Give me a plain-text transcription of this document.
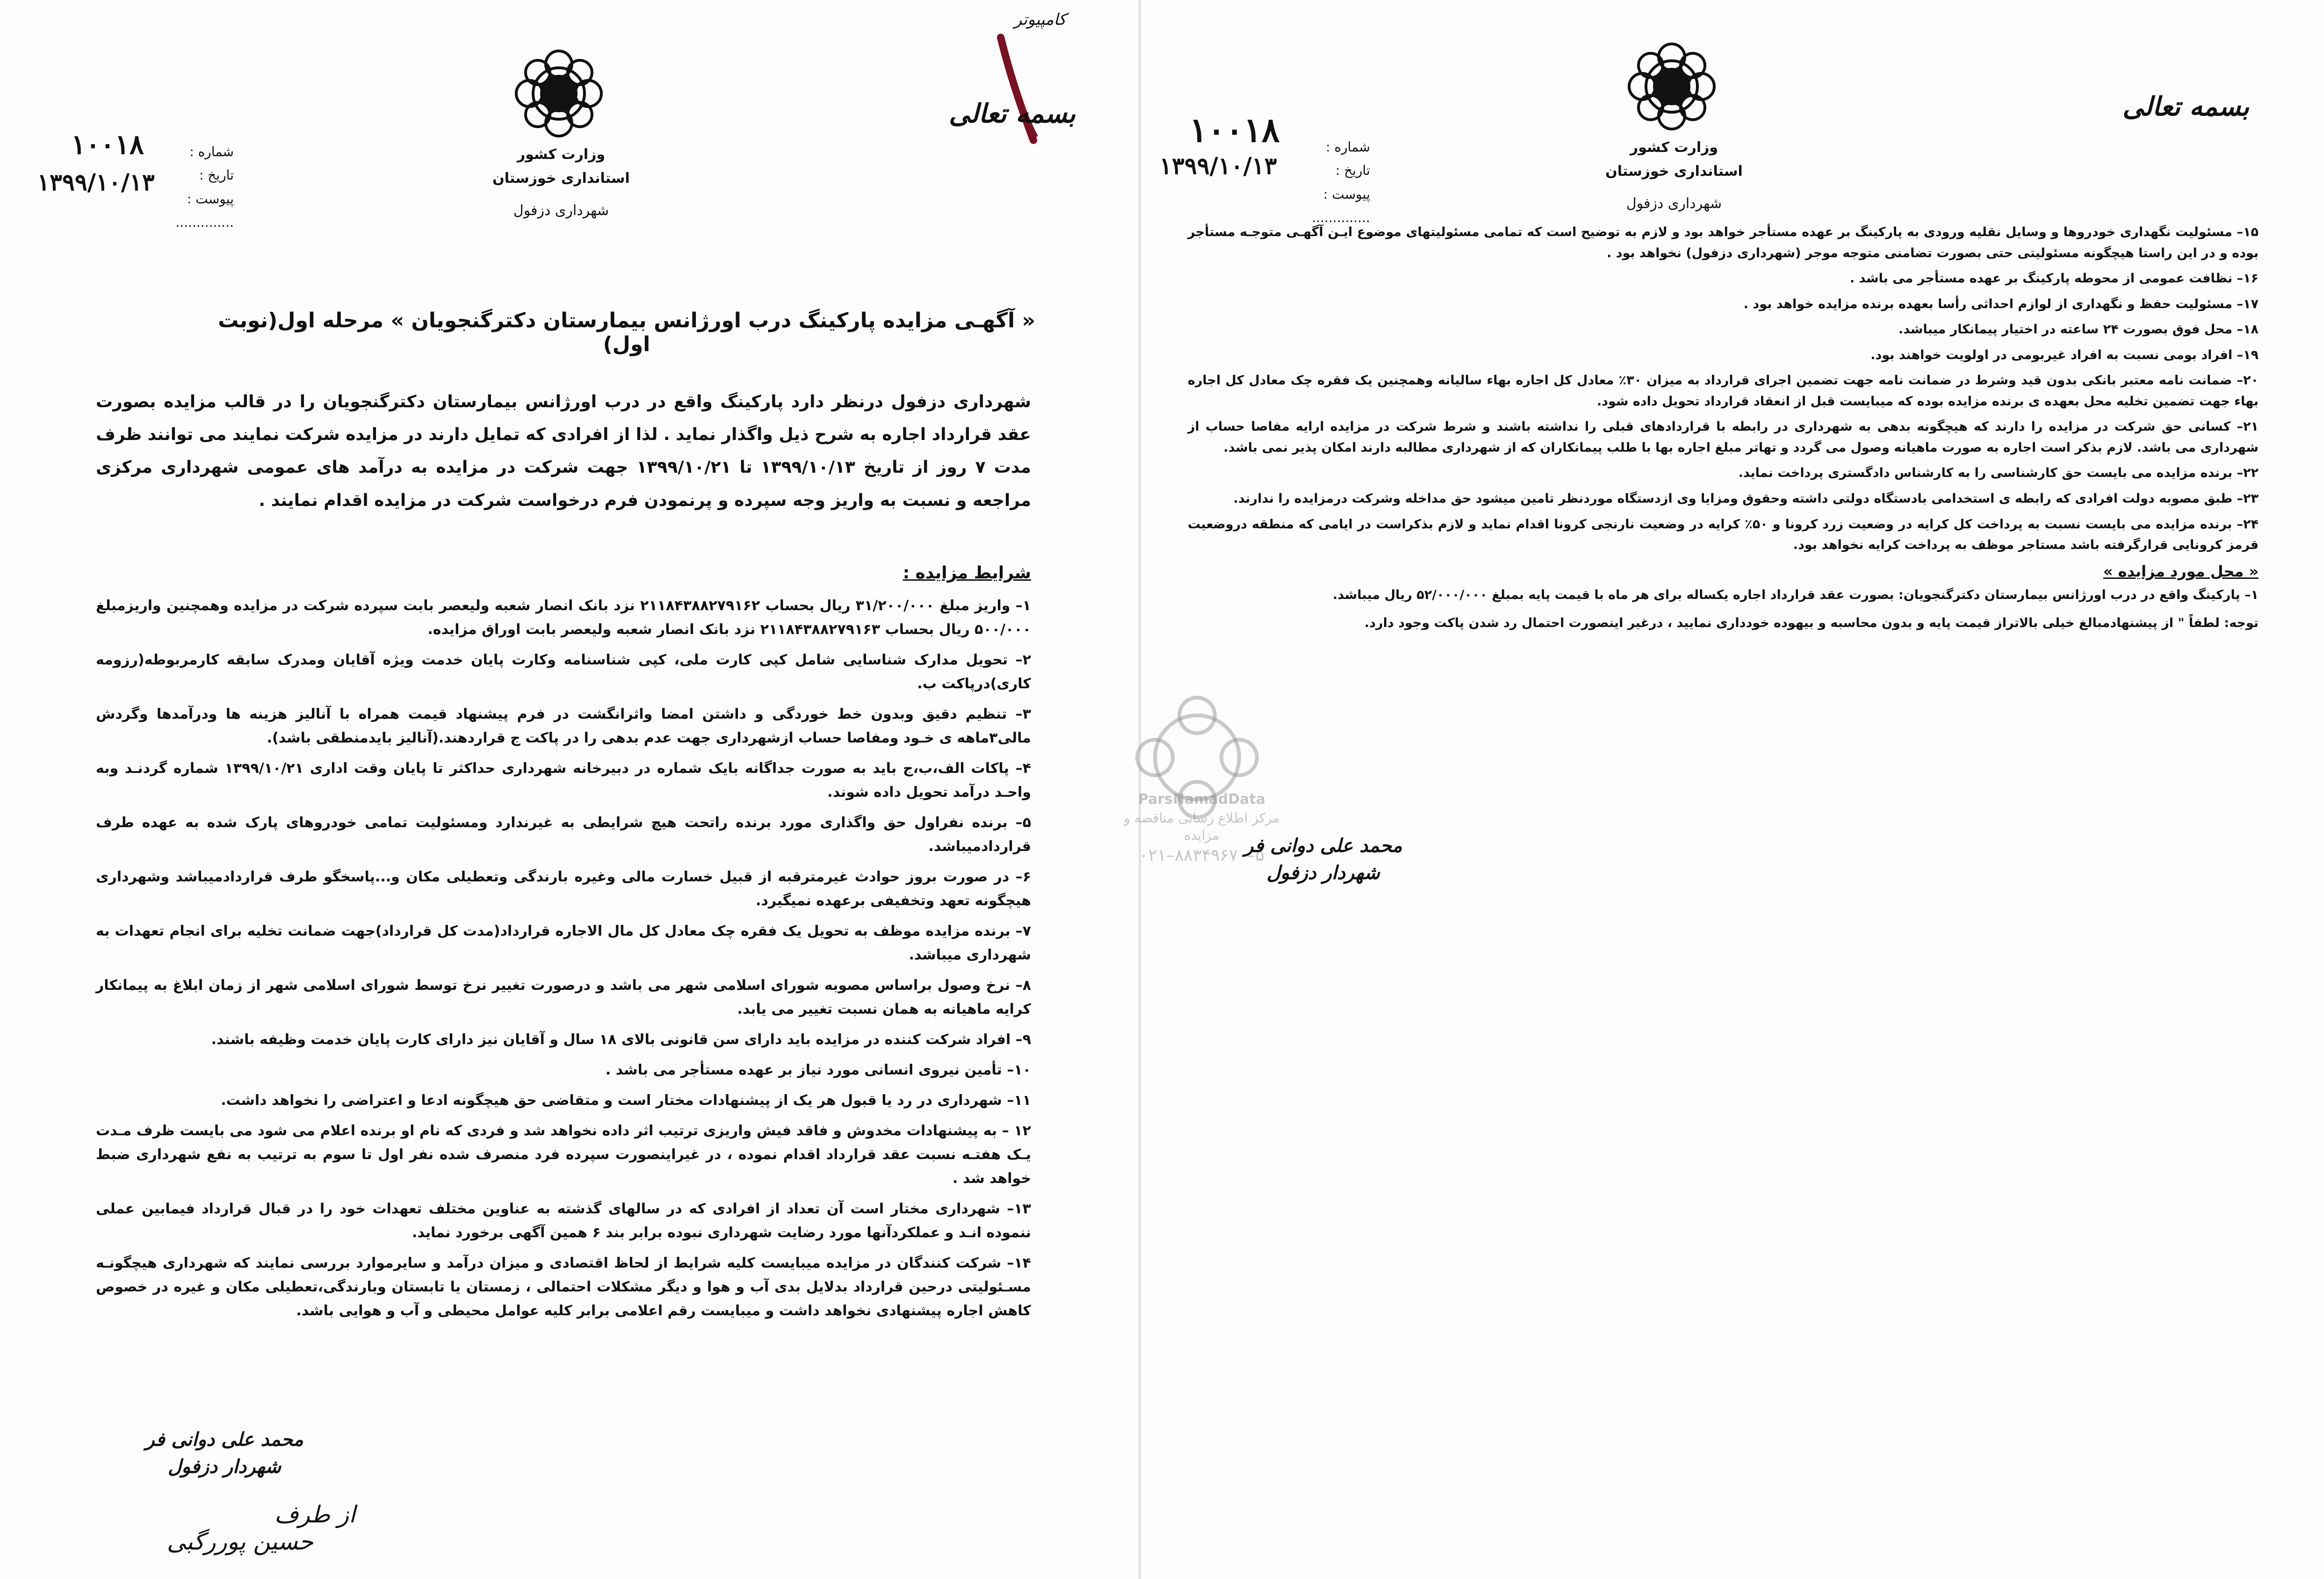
بسمه تعالی
وزارت کشور
استانداری خوزستان
شهرداری دزفول
شماره :
تاریخ :
پیوست : ..............
۱۰۰۱۸
۱۳۹۹/۱۰/۱۳
« آگهـی مزایده پارکینگ درب اورژانس بیمارستان دکترگنجویان » مرحله اول(نوبت اول)
شهرداری دزفول درنظر دارد پارکینگ واقع در درب اورژانس بیمارستان دکترگنجویان را در قالب مزایده بصورت عقد قرارداد اجاره به شرح ذیل واگذار نماید . لذا از افرادی که تمایل دارند در مزایده شرکت نمایند می توانند ظرف مدت ۷ روز از تاریخ ۱۳۹۹/۱۰/۱۳ تا ۱۳۹۹/۱۰/۲۱ جهت شرکت در مزایده به درآمد های عمومی شهرداری مرکزی مراجعه و نسبت به واریز وجه سپرده و پرنمودن فرم درخواست شرکت در مزایده اقدام نمایند .
شرایط مزایده :

۱– واریز مبلغ ۳۱/۲۰۰/۰۰۰ ریال بحساب ۲۱۱۸۴۳۸۸۲۷۹۱۶۲ نزد بانک انصار شعبه ولیعصر بابت سپرده شرکت در مزایده وهمچنین واریزمبلغ ۵۰۰/۰۰۰ ریال بحساب ۲۱۱۸۴۳۸۸۲۷۹۱۶۳ نزد بانک انصار شعبه ولیعصر بابت اوراق مزایده.

۲– تحویل مدارک شناسایی شامل کپی کارت ملی، کپی شناسنامه وکارت پایان خدمت ویژه آقایان ومدرک سابقه کارمربوطه(رزومه کاری)درپاکت ب.

۳– تنظیم دقیق وبدون خط خوردگی و داشتن امضا واثرانگشت در فرم پیشنهاد قیمت همراه با آنالیز هزینه ها ودرآمدها وگردش مالی۳ماهه ی خـود ومفاصا حساب ازشهرداری جهت عدم بدهی را در پاکت ج قراردهند.(آنالیز بایدمنطقی باشد).

۴– پاکات الف،ب،ج باید به صورت جداگانه بایک شماره در دبیرخانه شهرداری حداکثر تا پایان وقت اداری ۱۳۹۹/۱۰/۲۱ شماره گردنـد وبه واحـد درآمد تحویل داده شوند.

۵– برنده نفراول حق واگذاری مورد برنده راتحت هیچ شرایطی به غیرندارد ومسئولیت تمامی خودروهای پارک شده به عهده طرف قراردادمیباشد.

۶– در صورت بروز حوادث غیرمترقبه از قبیل خسارت مالی وغیره بارندگی وتعطیلی مکان و...پاسخگو طرف قراردادمیباشد وشهرداری هیچگونه تعهد وتخفیفی برعهده نمیگیرد.

۷– برنده مزایده موظف به تحویل یک فقره چک معادل کل مال الاجاره قرارداد(مدت کل قرارداد)جهت ضمانت تخلیه برای انجام تعهدات به شهرداری میباشد.

۸– نرخ وصول براساس مصوبه شورای اسلامی شهر می باشد و درصورت تغییر نرخ توسط شورای اسلامی شهر از زمان ابلاغ به پیمانکار کرایه ماهیانه به همان نسبت تغییر می یابد.

۹– افراد شرکت کننده در مزایده باید دارای سن قانونی بالای ۱۸ سال و آقایان نیز دارای کارت پایان خدمت وظیفه باشند.

۱۰– تأمین نیروی انسانی مورد نیاز بر عهده مستأجر می باشد .

۱۱– شهرداری در رد یا قبول هر یک از پیشنهادات مختار است و متقاضی حق هیچگونه ادعا و اعتراضی را نخواهد داشت.

۱۲ – به پیشنهادات مخدوش و فاقد فیش واریزی ترتیب اثر داده نخواهد شد و فردی که نام او برنده اعلام می شود می بایست ظرف مـدت یـک هفتـه نسبت عقد قرارداد اقدام نموده ، در غیراینصورت سپرده فرد منصرف شده نفر اول تا سوم به ترتیب به نفع شهرداری ضبط خواهد شد .

۱۳– شهرداری مختار است آن تعداد از افرادی که در سالهای گذشته به عناوین مختلف تعهدات خود را در قبال قرارداد فیمابین عملی ننموده انـد و عملکردآنها مورد رضایت شهرداری نبوده برابر بند ۶ همین آگهی برخورد نماید.

۱۴– شرکت کنندگان در مزایده میبایست کلیه شرایط از لحاظ اقتصادی و میزان درآمد و سایرموارد بررسی نمایند که شهرداری هیچگونـه مسـئولیتی درحین قرارداد بدلایل بدی آب و هوا و دیگر مشکلات احتمالی ، زمستان یا تابستان وبارندگی،تعطیلی مکان و غیره در خصوص کاهش اجاره پیشنهادی نخواهد داشت و میبایست رقم اعلامی برابر کلیه عوامل محیطی و آب و هوایی باشد.

محمد علی دوانی فر
شهردار دزفول
از طرف
حسین پوررگبی
کامپیوتر
بسمه تعالی
وزارت کشور
استانداری خوزستان
شهرداری دزفول
شماره :
تاریخ :
پیوست : ..............
۱۰۰۱۸
۱۳۹۹/۱۰/۱۳

۱۵– مسئولیت نگهداری خودروها و وسایل نقلیه ورودی به پارکینگ بر عهده مستأجر خواهد بود و لازم به توضیح است که تمامی مسئولیتهای موضوع ایـن آگهـی متوجـه مستأجر بوده و در این راستا هیچگونه مسئولیتی حتی بصورت تضامنی متوجه موجر (شهرداری دزفول) نخواهد بود .

۱۶– نظافت عمومی از محوطه پارکینگ بر عهده مستأجر می باشد .

۱۷– مسئولیت حفظ و نگهداری از لوازم احداثی رأسا بعهده برنده مزایده خواهد بود .

۱۸– محل فوق بصورت ۲۴ ساعته در اختیار پیمانکار میباشد.

۱۹– افراد بومی نسبت به افراد غیربومی در اولویت خواهند بود.

۲۰– ضمانت نامه معتبر بانکی بدون قید وشرط در ضمانت نامه جهت تضمین اجرای قرارداد به میزان ۳۰٪ معادل کل اجاره بهاء سالیانه وهمچنین یک فقره چک معادل کل اجاره بهاء جهت تضمین تخلیه محل بعهده ی برنده مزایده بوده که میبایست قبل از انعقاد قرارداد تحویل داده شود.

۲۱– کسانی حق شرکت در مزایده را دارند که هیچگونه بدهی به شهرداری در رابطه با قراردادهای قبلی را نداشته باشند و شرط شرکت در مزایده ارایه مفاصا حساب از شهرداری می باشد. لازم بذکر است اجاره به صورت ماهیانه وصول می گردد و تهاتر مبلغ اجاره بها با طلب پیمانکاران که از شهرداری مطالبه دارند امکان پذیر نمی باشد.

۲۲– برنده مزایده می بایست حق کارشناسی را به کارشناس دادگستری پرداخت نماید.

۲۳– طبق مصوبه دولت افرادی که رابطه ی استخدامی بادستگاه دولتی داشته وحقوق ومزایا وی ازدستگاه موردنظر تامین میشود حق مداخله وشرکت درمزایده را ندارند.

۲۴– برنده مزایده می بایست نسبت به پرداخت کل کرایه در وضعیت زرد کرونا و ۵۰٪ کرایه در وضعیت نارنجی کرونا اقدام نماید و لازم بذکراست در ایامی که منطقه دروضعیت قرمز کرونایی قرارگرفته باشد مستاجر موظف به پرداخت کرایه نخواهد بود.

« محل مورد مزایده »

۱– پارکینگ واقع در درب اورژانس بیمارستان دکترگنجویان: بصورت عقد قرارداد اجاره یکساله برای هر ماه با قیمت پایه بمبلغ ۵۲/۰۰۰/۰۰۰ ریال میباشد.

توجه: لطفاً " از پیشنهادمبالغ خیلی بالاتراز قیمت پایه و بدون محاسبه و بیهوده خودداری نمایید ، درغیر اینصورت احتمال رد شدن پاکت وجود دارد.

ParsNamadData
مرکز اطلاع رسانی مناقصه و مزایده
۰۲۱–۸۸۳۴۹۶۷۰–۵
محمد علی دوانی فر
شهردار دزفول
